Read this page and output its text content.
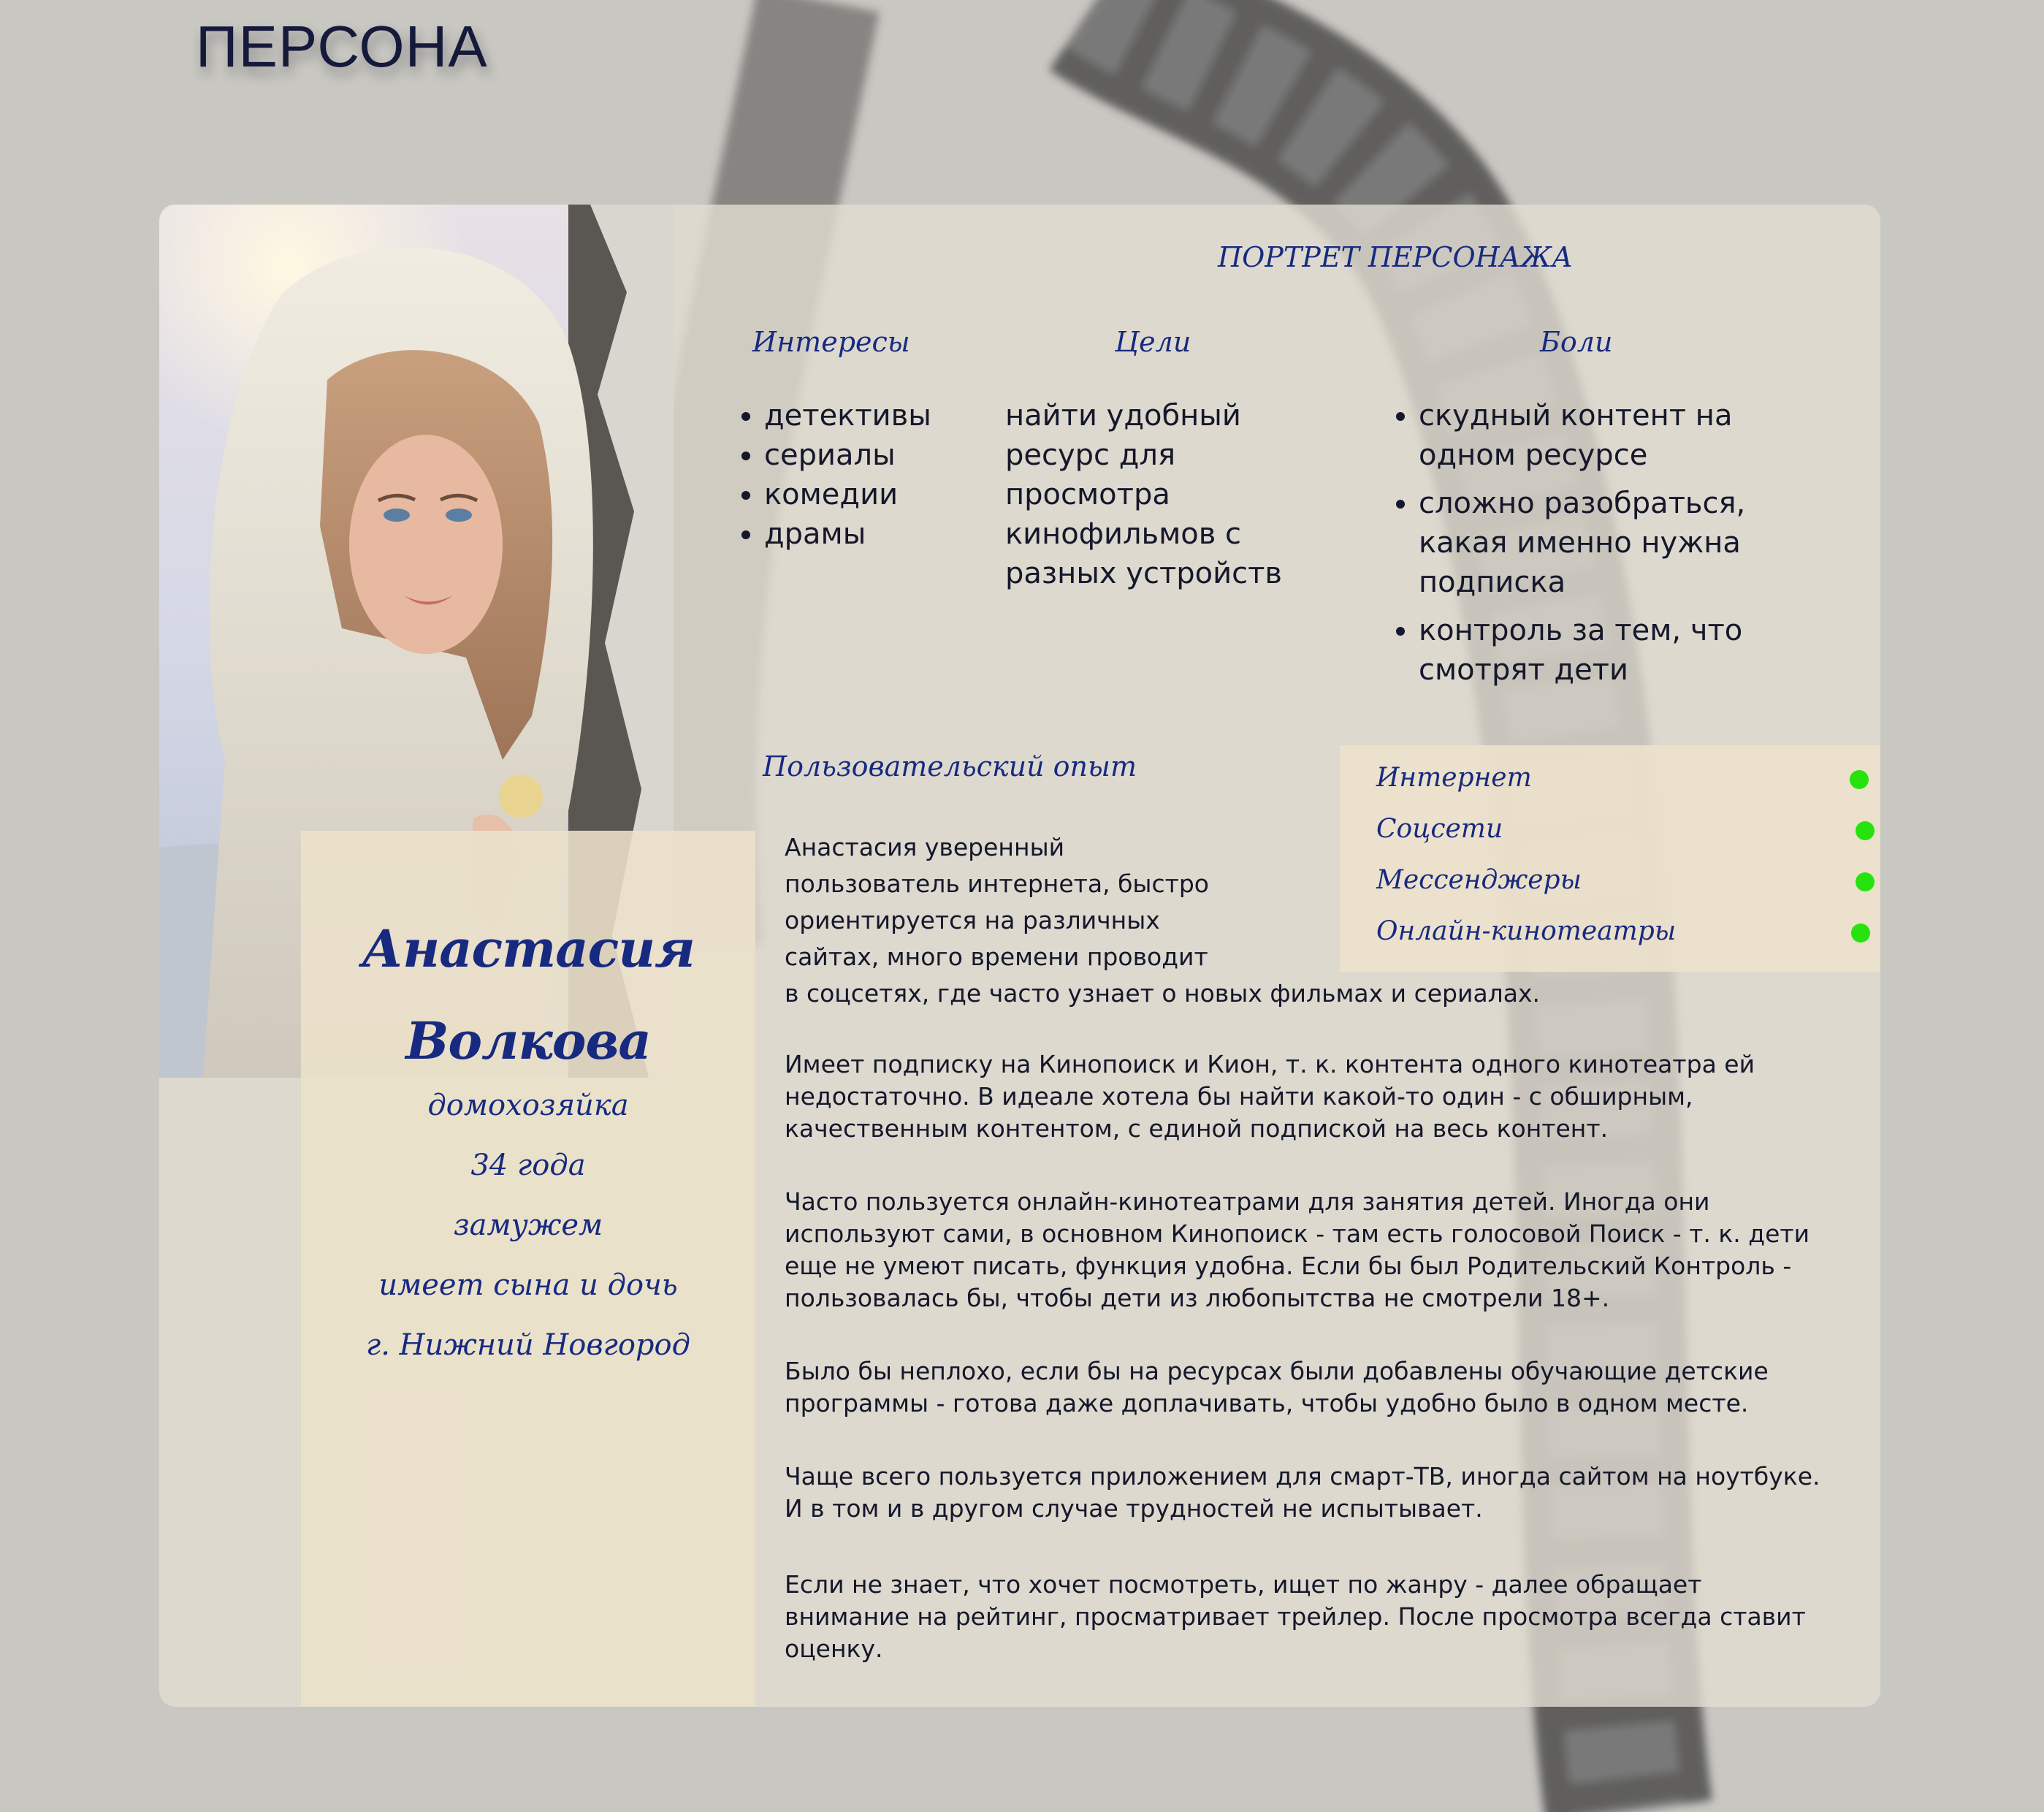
ПЕРСОНА
Анастасия
Волкова
домохозяйка
34 года
замужем
имеет сына и дочь
г. Нижний Новгород
ПОРТРЕТ ПЕРСОНАЖА
Интересы
• детективы
• сериалы
• комедии
• драмы
Цели
найти удобный
ресурс для
просмотра
кинофильмов с
разных устройств
Боли
• скудный контент на
одном ресурсе
• сложно разобраться,
какая именно нужна
подписка
• контроль за тем, что
смотрят дети
Интернет
Соцсети
Мессенджеры
Онлайн-кинотеатры
Пользовательский опыт
Анастасия уверенный
пользователь интернета, быстро
ориентируется на различных
сайтах, много времени проводит
в соцсетях, где часто узнает о новых фильмах и сериалах.
Имеет подписку на Кинопоиск и Кион, т. к. контента одного кинотеатра ей
недостаточно. В идеале хотела бы найти какой-то один - с обширным,
качественным контентом, с единой подпиской на весь контент.
Часто пользуется онлайн-кинотеатрами для занятия детей. Иногда они
используют сами, в основном Кинопоиск - там есть голосовой Поиск - т. к. дети
еще не умеют писать, функция удобна. Если бы был Родительский Контроль -
пользовалась бы, чтобы дети из любопытства не смотрели 18+.
Было бы неплохо, если бы на ресурсах были добавлены обучающие детские
программы - готова даже доплачивать, чтобы удобно было в одном месте.
Чаще всего пользуется приложением для смарт-ТВ, иногда сайтом на ноутбуке.
И в том и в другом случае трудностей не испытывает.
Если не знает, что хочет посмотреть, ищет по жанру - далее обращает
внимание на рейтинг, просматривает трейлер. После просмотра всегда ставит
оценку.
